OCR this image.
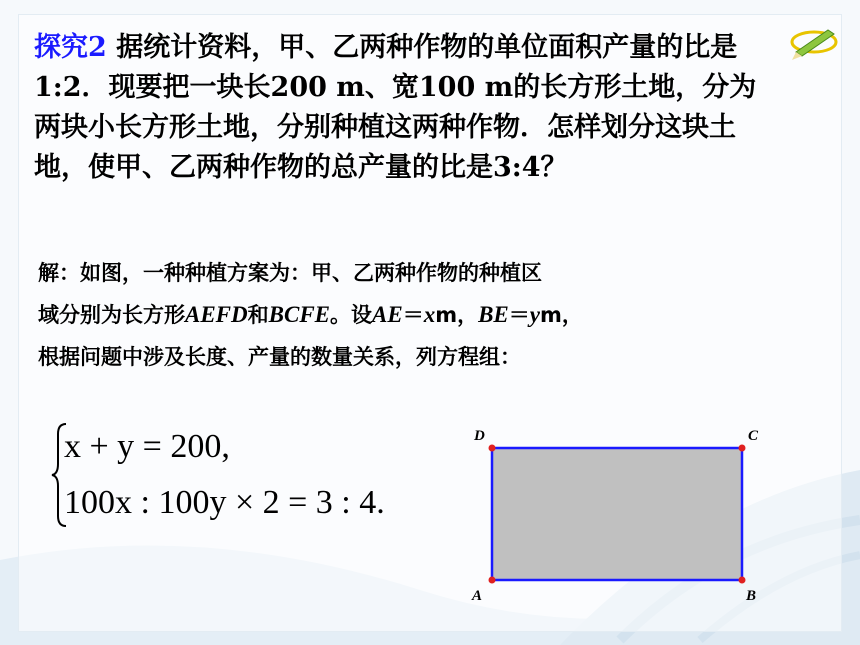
探究2 据统计资料，甲、乙两种作物的单位面积产量的比是1:2．现要把一块长200 m、宽100 m的长方形土地，分为两块小长方形土地，分别种植这两种作物．怎样划分这块土地，使甲、乙两种作物的总产量的比是3:4？
解：如图，一种种植方案为：甲、乙两种作物的种植区
域分别为长方形AEFD和BCFE。设AE＝xm，BE＝ym，
根据问题中涉及长度、产量的数量关系，列方程组：
x + y = 200,
100x : 100y × 2 = 3 : 4.
D	C
A	B
